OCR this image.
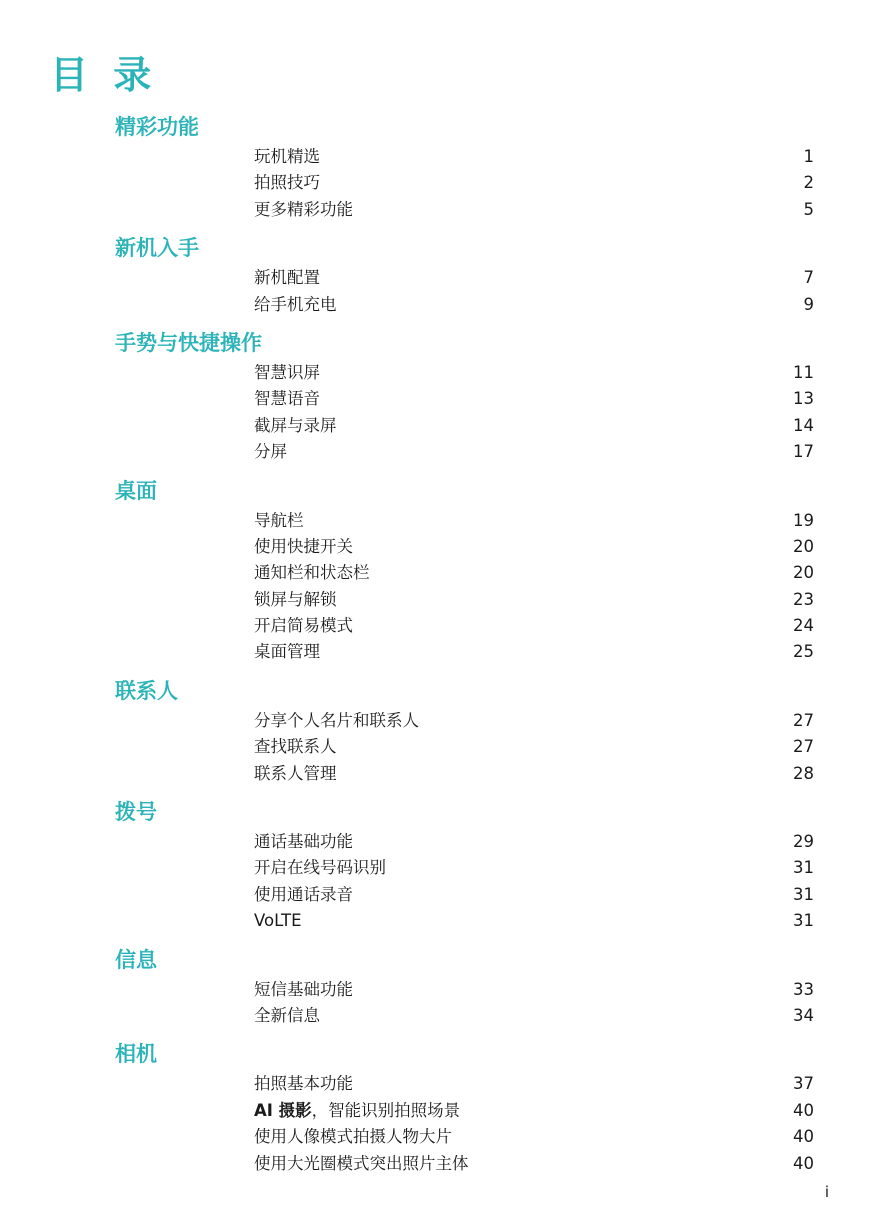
目 录
精彩功能
玩机精选	1
拍照技巧	2
更多精彩功能	5
新机入手
新机配置	7
给手机充电	9
手势与快捷操作
智慧识屏	11
智慧语音	13
截屏与录屏	14
分屏	17
桌面
导航栏	19
使用快捷开关	20
通知栏和状态栏	20
锁屏与解锁	23
开启简易模式	24
桌面管理	25
联系人
分享个人名片和联系人	27
查找联系人	27
联系人管理	28
拨号
通话基础功能	29
开启在线号码识别	31
使用通话录音	31
VoLTE	31
信息
短信基础功能	33
全新信息	34
相机
拍照基本功能	37
AI 摄影，智能识别拍照场景	40
使用人像模式拍摄人物大片	40
使用大光圈模式突出照片主体	40
i
